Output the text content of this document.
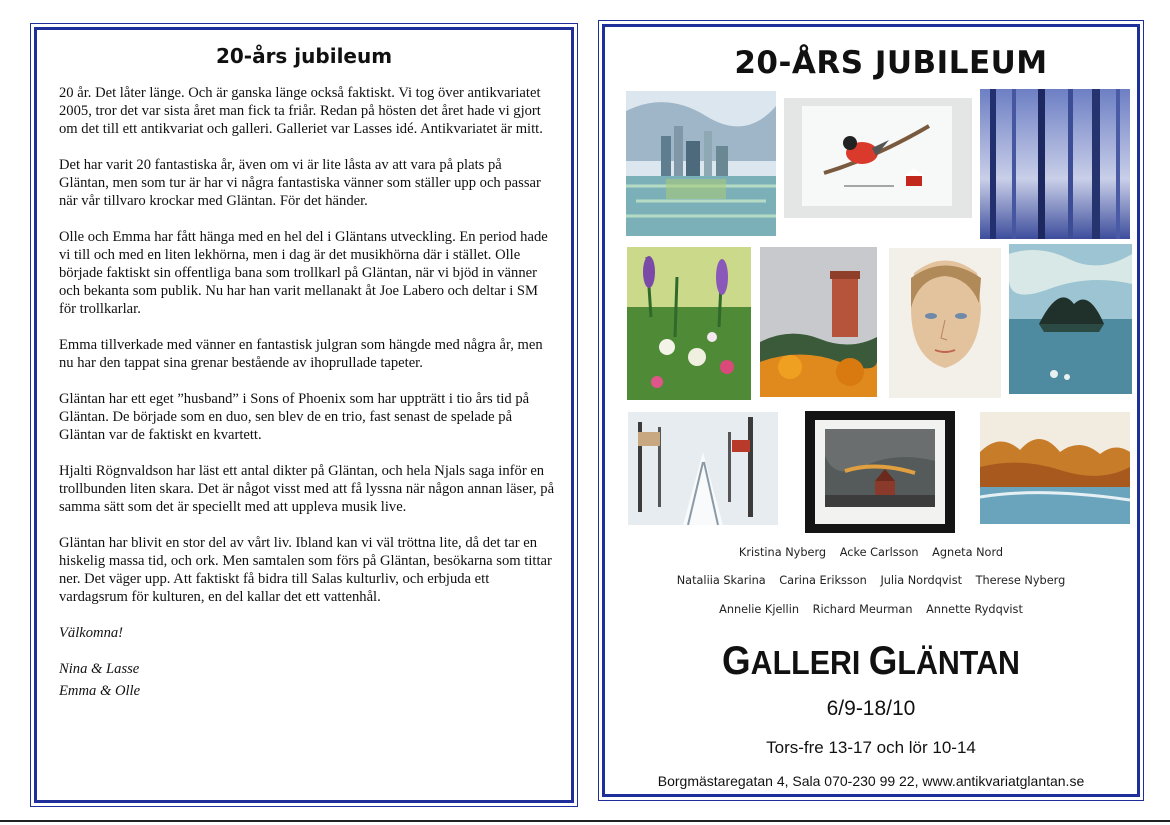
20-års jubileum

20 år. Det låter länge. Och är ganska länge också faktiskt. Vi tog över antikvariatet 2005, tror det var sista året man fick ta friår. Redan på hösten det året hade vi gjort om det till ett antikvariat och galleri. Galleriet var Lasses idé. Antikvariatet är mitt.

Det har varit 20 fantastiska år, även om vi är lite låsta av att vara på plats på Gläntan, men som tur är har vi några fantastiska vänner som ställer upp och passar när vår tillvaro krockar med Gläntan. För det händer.

Olle och Emma har fått hänga med en hel del i Gläntans utveckling. En period hade vi till och med en liten lekhörna, men i dag är det musikhörna där i stället. Olle började faktiskt sin offentliga bana som trollkarl på Gläntan, när vi bjöd in vänner och bekanta som publik. Nu har han varit mellanakt åt Joe Labero och deltar i SM för trollkarlar.

Emma tillverkade med vänner en fantastisk julgran som hängde med några år, men nu har den tappat sina grenar bestående av ihoprullade tapeter.

Gläntan har ett eget ”husband” i Sons of Phoenix som har uppträtt i tio års tid på Gläntan. De började som en duo, sen blev de en trio, fast senast de spelade på Gläntan var de faktiskt en kvartett.

Hjalti Rögnvaldson har läst ett antal dikter på Gläntan, och hela Njals saga inför en trollbunden liten skara. Det är något visst med att få lyssna när någon annan läser, på samma sätt som det är speciellt med att uppleva musik live.

Gläntan har blivit en stor del av vårt liv. Ibland kan vi väl tröttna lite, då det tar en hiskelig massa tid, och ork. Men samtalen som förs på Gläntan, besökarna som tittar ner. Det väger upp. Att faktiskt få bidra till Salas kulturliv, och erbjuda ett vardagsrum för kulturen, en del kallar det ett vattenhål.

Välkomna!

Nina & Lasse
Emma & Olle

20-ÅRS JUBILEUM
Kristina Nyberg Acke Carlsson Agneta Nord
Nataliia Skarina Carina Eriksson Julia Nordqvist Therese Nyberg
Annelie Kjellin Richard Meurman Annette Rydqvist
GALLERI GLÄNTAN
6/9-18/10
Tors-fre 13-17 och lör 10-14
Borgmästaregatan 4, Sala 070-230 99 22, www.antikvariatglantan.se
